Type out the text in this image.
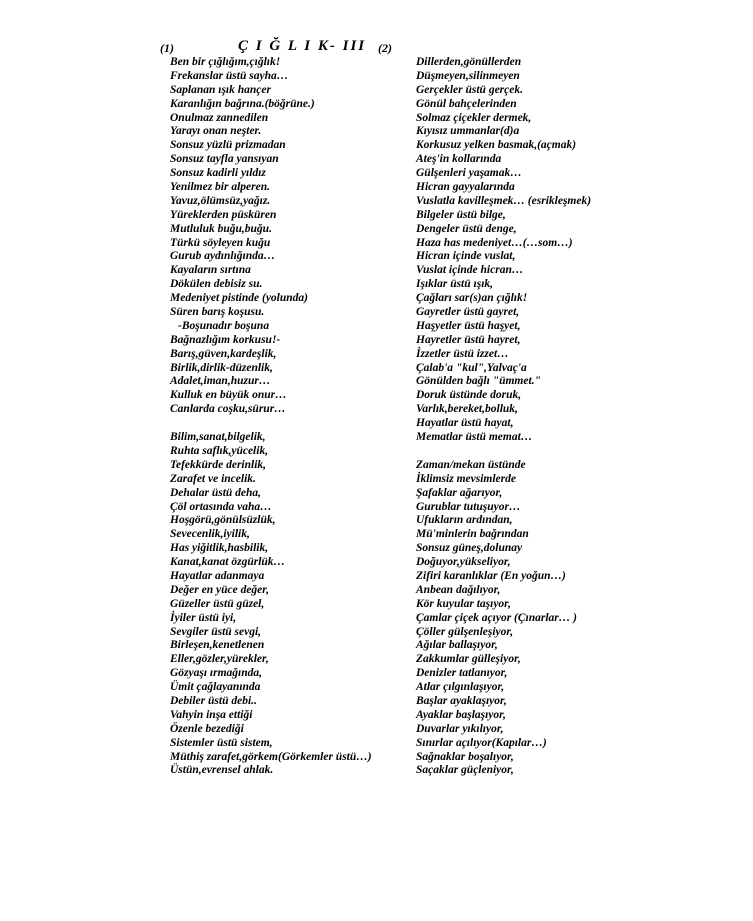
(1)	Ç I Ğ L I K- III (2)
Ben bir çığlığım,çığlık!
Frekanslar üstü sayha…
Saplanan ışık hançer
Karanlığın bağrına.(böğrüne.)
Onulmaz zannedilen
Yarayı onan neşter.
Sonsuz yüzlü prizmadan
Sonsuz tayfla yansıyan
Sonsuz kadirli yıldız
Yenilmez bir alperen.
Yavuz,ölümsüz,yağız.
Yüreklerden püsküren
Mutluluk buğu,buğu.
Türkü söyleyen kuğu
Gurub aydınlığında…
Kayaların sırtına
Dökülen debisiz su.
Medeniyet pistinde (yolunda)
Süren barış koşusu.
-Boşunadır boşuna
Bağnazlığım korkusu!-
Barış,güven,kardeşlik,
Birlik,dirlik-düzenlik,
Adalet,iman,huzur…
Kulluk en büyük onur…
Canlarda coşku,sürur…
Bilim,sanat,bilgelik,
Ruhta saflık,yücelik,
Tefekkürde derinlik,
Zarafet ve incelik.
Dehalar üstü deha,
Çöl ortasında vaha…
Hoşgörü,gönülsüzlük,
Sevecenlik,iyilik,
Has yiğitlik,hasbilik,
Kanat,kanat özgürlük…
Hayatlar adanmaya
Değer en yüce değer,
Güzeller üstü güzel,
İyiler üstü iyi,
Sevgiler üstü sevgi,
Birleşen,kenetlenen
Eller,gözler,yürekler,
Gözyaşı ırmağında,
Ümit çağlayanında
Debiler üstü debi..
Vahyin inşa ettiği
Özenle bezediği
Sistemler üstü sistem,
Müthiş zarafet,görkem(Görkemler üstü…)
Üstün,evrensel ahlak.
Dillerden,gönüllerden
Düşmeyen,silinmeyen
Gerçekler üstü gerçek.
Gönül bahçelerinden
Solmaz çiçekler dermek,
Kıyısız ummanlar(d)a
Korkusuz yelken basmak,(açmak)
Ateş'in kollarında
Gülşenleri yaşamak…
Hicran gayyalarında
Vuslatla kavilleşmek… (esrikleşmek)
Bilgeler üstü bilge,
Dengeler üstü denge,
Haza has medeniyet…(…som…)
Hicran içinde vuslat,
Vuslat içinde hicran…
Işıklar üstü ışık,
Çağları sar(s)an çığlık!
Gayretler üstü gayret,
Haşyetler üstü haşyet,
Hayretler üstü hayret,
İzzetler üstü izzet…
Çalab'a "kul",Yalvaç'a
Gönülden bağlı "ümmet."
Doruk üstünde doruk,
Varlık,bereket,bolluk,
Hayatlar üstü hayat,
Mematlar üstü memat…
Zaman/mekan üstünde
İklimsiz mevsimlerde
Şafaklar ağarıyor,
Gurublar tutuşuyor…
Ufukların ardından,
Mü'minlerin bağrından
Sonsuz güneş,dolunay
Doğuyor,yükseliyor,
Zifiri karanlıklar (En yoğun…)
Anbean dağılıyor,
Kör kuyular taşıyor,
Çamlar çiçek açıyor (Çınarlar… )
Çöller gülşenleşiyor,
Ağılar ballaşıyor,
Zakkumlar gülleşiyor,
Denizler tatlanıyor,
Atlar çılgınlaşıyor,
Başlar ayaklaşıyor,
Ayaklar başlaşıyor,
Duvarlar yıkılıyor,
Sınırlar açılıyor(Kapılar…)
Sağnaklar boşalıyor,
Saçaklar güçleniyor,
